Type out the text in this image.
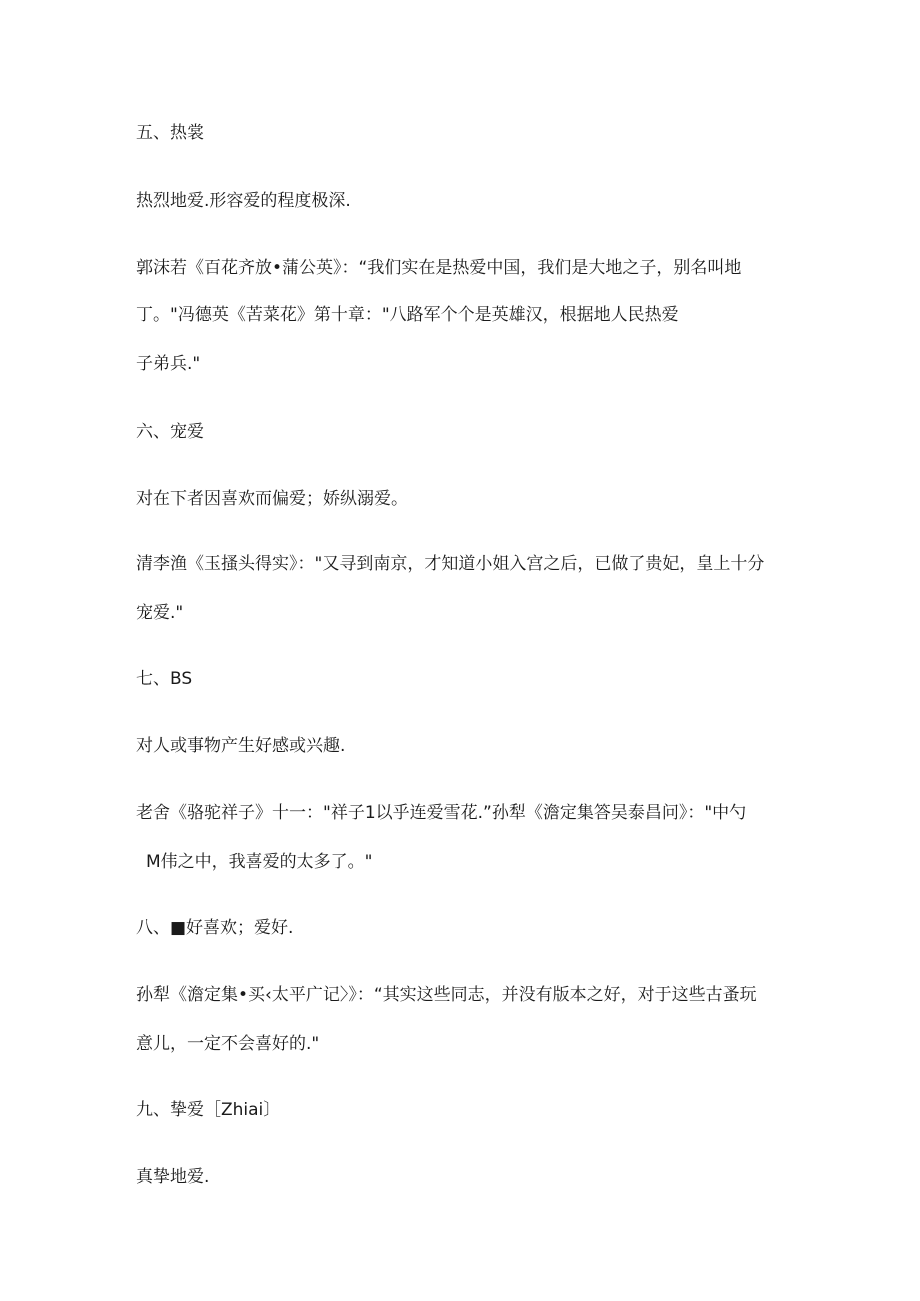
五、热裳

热烈地爱.形容爱的程度极深.

郭沫若《百花齐放•蒲公英》：“我们实在是热爱中国，我们是大地之子，别名叫地

丁。"冯德英《苦菜花》第十章："八路军个个是英雄汉，根据地人民热爱

子弟兵."

六、宠爱

对在下者因喜欢而偏爱；娇纵溺爱。

清李渔《玉搔头得实》："又寻到南京，才知道小姐入宫之后，已做了贵妃，皇上十分

宠爱."

七、BS

对人或事物产生好感或兴趣.

老舍《骆驼祥子》十一："祥子1以乎连爱雪花.”孙犁《澹定集答吴泰昌问》："中勺

M伟之中，我喜爱的太多了。"

八、■好喜欢；爱好.

孙犁《澹定集•买‹太平广记〉》：“其实这些同志，并没有版本之好，对于这些古蚤玩

意儿，一定不会喜好的."

九、挚爱［Zhiai〕

真挚地爱.
